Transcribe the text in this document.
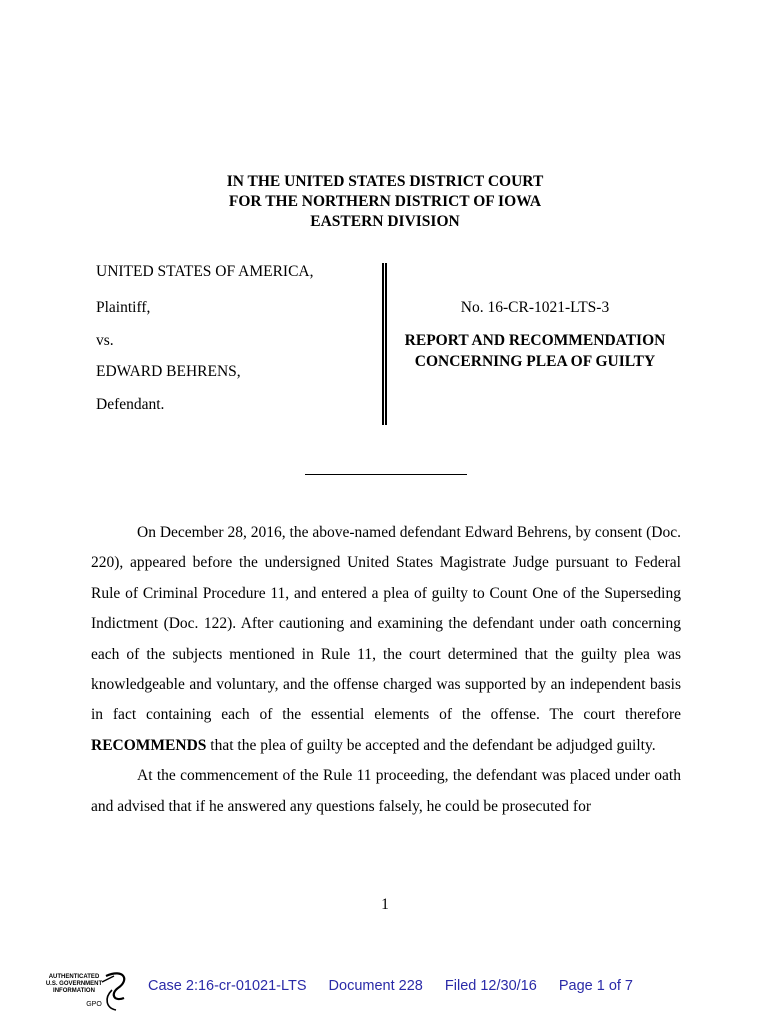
IN THE UNITED STATES DISTRICT COURT
FOR THE NORTHERN DISTRICT OF IOWA
EASTERN DIVISION
UNITED STATES OF AMERICA,
Plaintiff,
vs.
EDWARD BEHRENS,
Defendant.
No. 16-CR-1021-LTS-3
REPORT AND RECOMMENDATION
CONCERNING PLEA OF GUILTY

On December 28, 2016, the above-named defendant Edward Behrens, by consent (Doc. 220), appeared before the undersigned United States Magistrate Judge pursuant to Federal Rule of Criminal Procedure 11, and entered a plea of guilty to Count One of the Superseding Indictment (Doc. 122). After cautioning and examining the defendant under oath concerning each of the subjects mentioned in Rule 11, the court determined that the guilty plea was knowledgeable and voluntary, and the offense charged was supported by an independent basis in fact containing each of the essential elements of the offense. The court therefore RECOMMENDS that the plea of guilty be accepted and the defendant be adjudged guilty.

At the commencement of the Rule 11 proceeding, the defendant was placed under oath and advised that if he answered any questions falsely, he could be prosecuted for

1
AUTHENTICATED
U.S. GOVERNMENT
INFORMATION
GPO
Case 2:16-cr-01021-LTS Document 228 Filed 12/30/16 Page 1 of 7
